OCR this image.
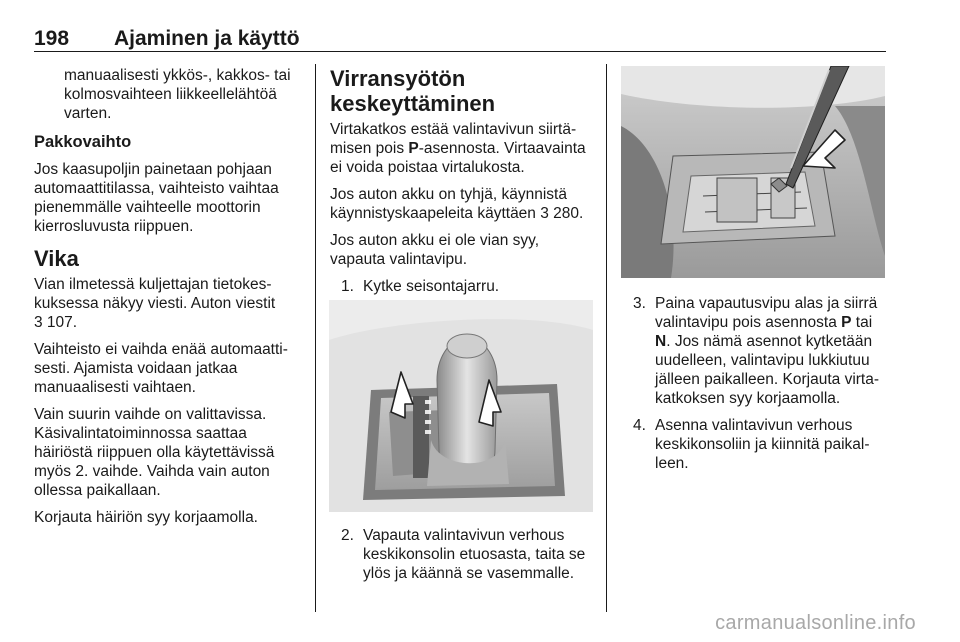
198 Ajaminen ja käyttö

manuaalisesti ykkös-, kakkos- tai kolmosvaihteen liikkeellelähtöä varten.

Pakkovaihto

Jos kaasupoljin painetaan pohjaan automaattitilassa, vaihteisto vaihtaa pienemmälle vaihteelle moottorin kierrosluvusta riippuen.

Vika

Vian ilmetessä kuljettajan tietokeskuksessa näkyy viesti. Auton viestit 3 107.

Vaihteisto ei vaihda enää automaattisesti. Ajamista voidaan jatkaa manuaalisesti vaihtaen.

Vain suurin vaihde on valittavissa. Käsivalintatoiminnossa saattaa häiriöstä riippuen olla käytettävissä myös 2. vaihde. Vaihda vain auton ollessa paikallaan.

Korjauta häiriön syy korjaamolla.

Virransyötön keskeyttäminen

Virtakatkos estää valintavivun siirtämisen pois P-asennosta. Virtaavainta ei voida poistaa virtalukosta.

Jos auton akku on tyhjä, käynnistä käynnistyskaapeleita käyttäen 3 280.

Jos auton akku ei ole vian syy, vapauta valintavipu.

1. Kytke seisontajarru.
2. Vapauta valintavivun verhous keskikonsolin etuosasta, taita se ylös ja käännä se vasemmalle.
3. Paina vapautusvipu alas ja siirrä valintavipu pois asennosta P tai N. Jos nämä asennot kytketään uudelleen, valintavipu lukkiutuu jälleen paikalleen. Korjauta virtakatkoksen syy korjaamolla.
4. Asenna valintavivun verhous keskikonsoliin ja kiinnitä paikalleen.
carmanualsonline.info
